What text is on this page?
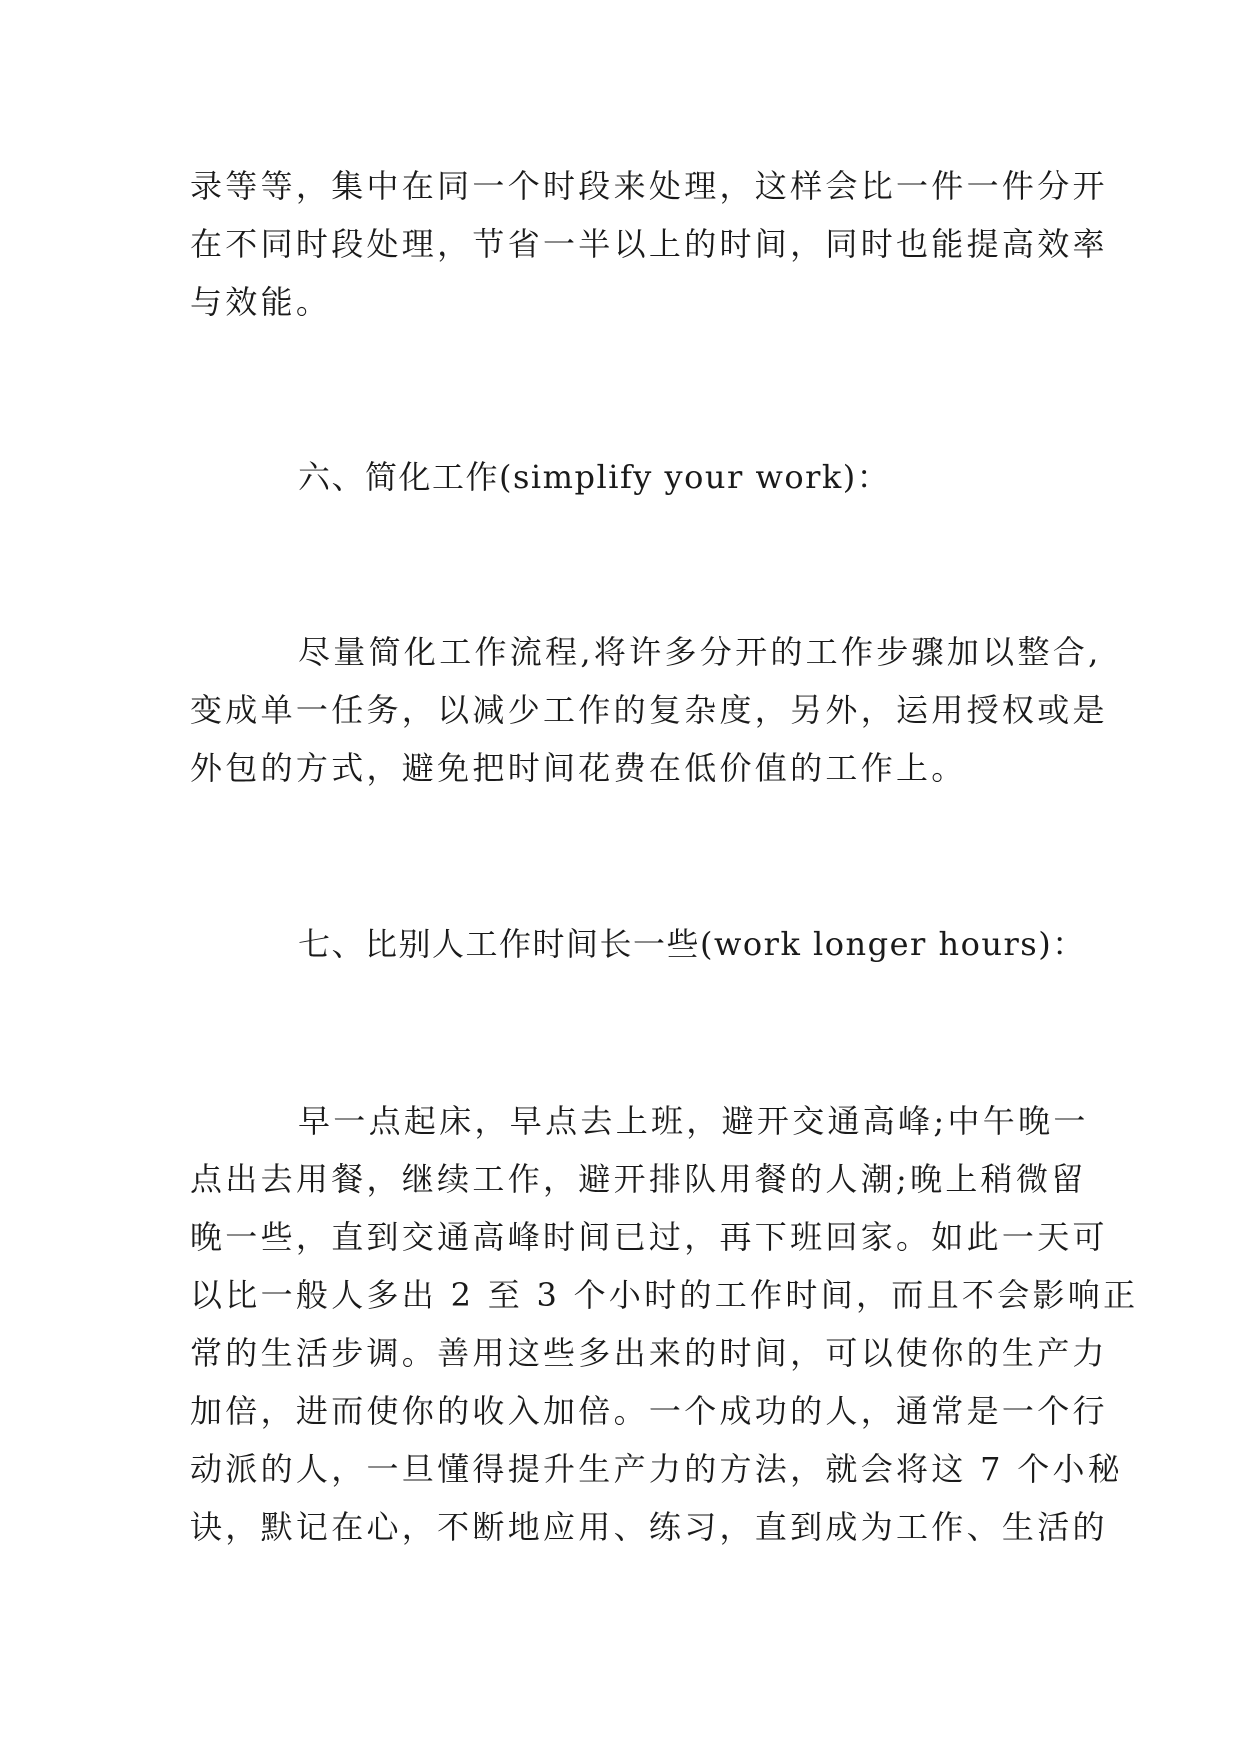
录等等，集中在同一个时段来处理，这样会比一件一件分开
在不同时段处理，节省一半以上的时间，同时也能提高效率
与效能。

六、简化工作(simplify your work)：

尽量简化工作流程,将许多分开的工作步骤加以整合,
变成单一任务，以减少工作的复杂度，另外，运用授权或是
外包的方式，避免把时间花费在低价值的工作上。

七、比别人工作时间长一些(work longer hours)：

早一点起床，早点去上班，避开交通高峰;中午晚一
点出去用餐，继续工作，避开排队用餐的人潮;晚上稍微留
晚一些，直到交通高峰时间已过，再下班回家。如此一天可
以比一般人多出 2 至 3 个小时的工作时间，而且不会影响正
常的生活步调。善用这些多出来的时间，可以使你的生产力
加倍，进而使你的收入加倍。一个成功的人，通常是一个行
动派的人，一旦懂得提升生产力的方法，就会将这 7 个小秘
诀，默记在心，不断地应用、练习，直到成为工作、生活的
